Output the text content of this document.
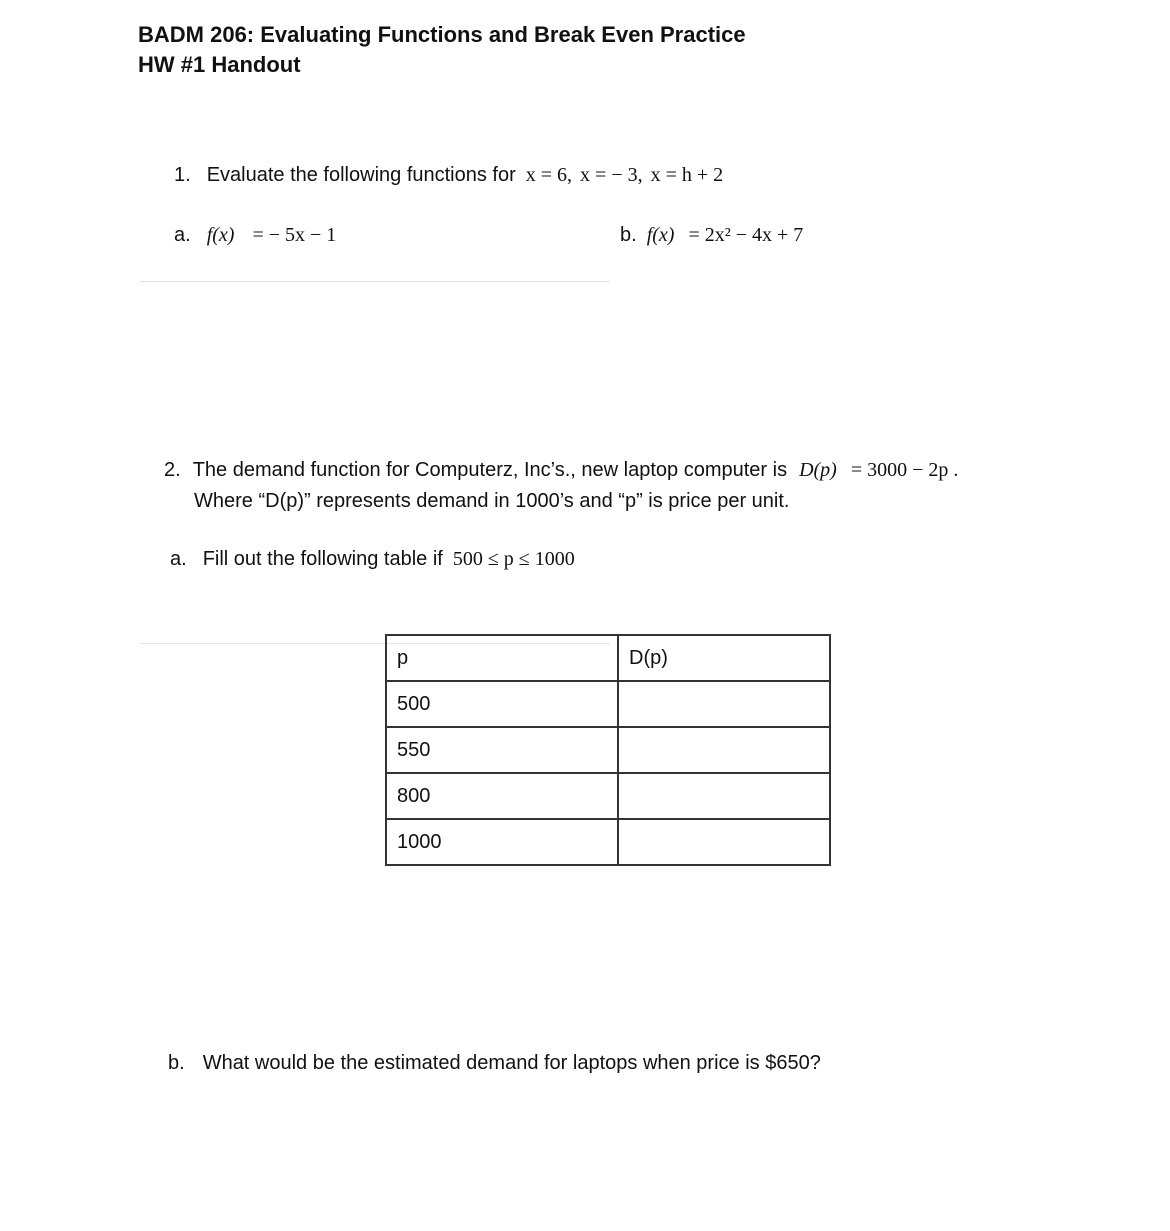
BADM 206: Evaluating Functions and Break Even Practice
HW #1 Handout
1. Evaluate the following functions for x = 6, x = − 3, x = h + 2
a. f(x) = − 5x − 1	b. f(x) = 2x² − 4x + 7
2. The demand function for Computerz, Inc’s., new laptop computer is D(p) = 3000 − 2p .
Where “D(p)” represents demand in 1000’s and “p” is price per unit.
a. Fill out the following table if 500 ≤ p ≤ 1000
p	D(p)
500	
550	
800	
1000	
b. What would be the estimated demand for laptops when price is $650?
